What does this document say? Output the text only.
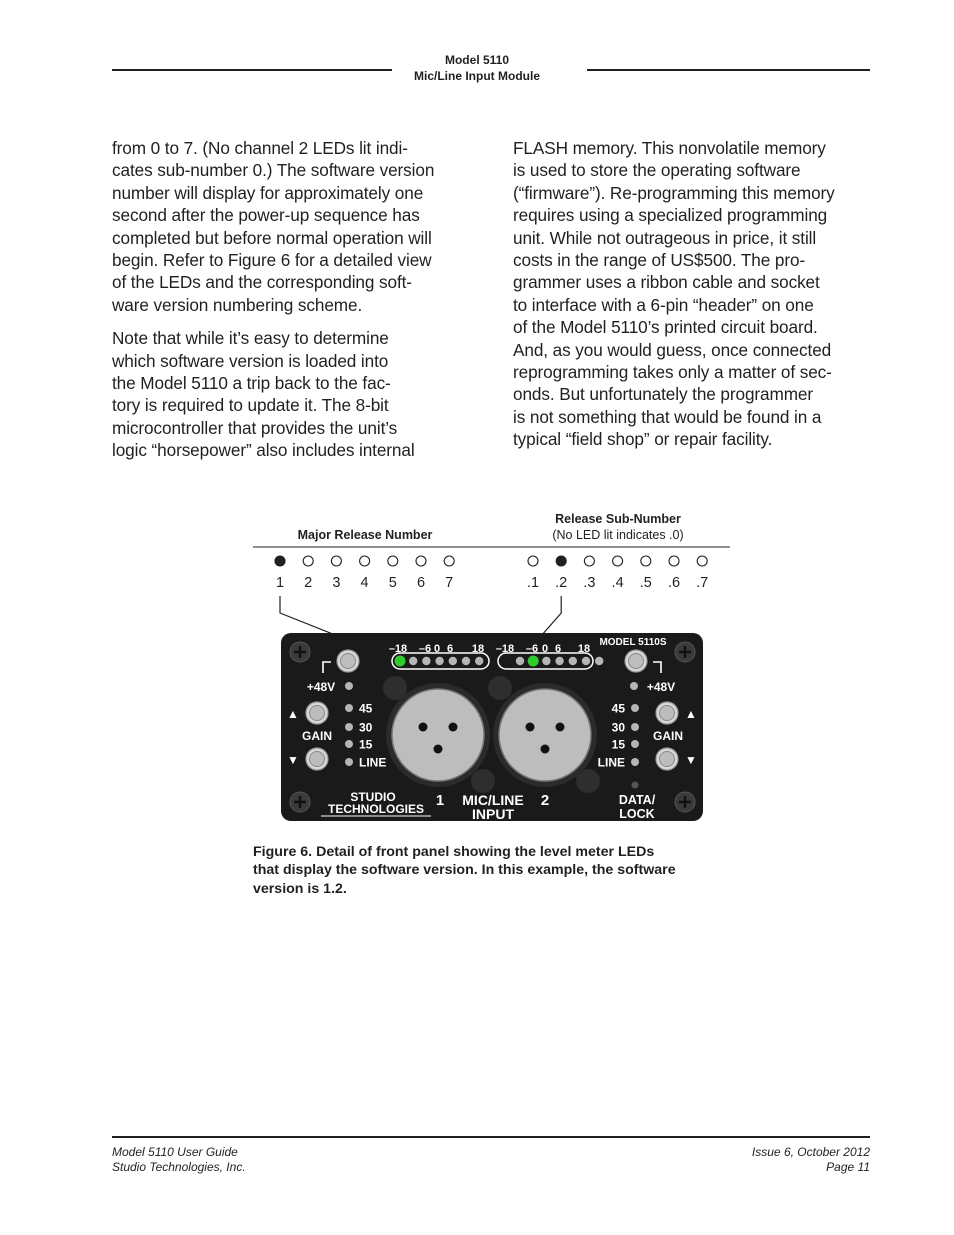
Model 5110
Mic/Line Input Module

from 0 to 7. (No channel 2 LEDs lit indi-
cates sub-number 0.) The software version
number will display for approximately one
second after the power-up sequence has
completed but before normal operation will
begin. Refer to Figure 6 for a detailed view
of the LEDs and the corresponding soft-
ware version numbering scheme.

Note that while it’s easy to determine
which software version is loaded into
the Model 5110 a trip back to the fac-
tory is required to update it. The 8-bit
microcontroller that provides the unit’s
logic “horsepower” also includes internal

FLASH memory. This nonvolatile memory
is used to store the operating software
(“firmware”). Re-programming this memory
requires using a specialized programming
unit. While not outrageous in price, it still
costs in the range of US$500. The pro-
grammer uses a ribbon cable and socket
to interface with a 6-pin “header” on one
of the Model 5110’s printed circuit board.
And, as you would guess, once connected
reprogramming takes only a matter of sec-
onds. But unfortunately the programmer
is not something that would be found in a
typical “field shop” or repair facility.

Major Release Number
Release Sub-Number
(No LED lit indicates .0)
1 2 3 4 5 6 7	.1 .2 .3 .4 .5 .6 .7
–18 –6 0 6 18 –18 –6 0 6 18
MODEL 5110S
+48V	+48V
▲
▼
▲
▼
GAIN	GAIN
45	45
30	30
15	15
LINE	LINE
STUDIO
TECHNOLOGIES 1	2
MIC/LINE
INPUT
DATA/
LOCK
Figure 6. Detail of front panel showing the level meter LEDs
that display the software version. In this example, the software
version is 1.2.
Model 5110 User Guide
Studio Technologies, Inc.
Issue 6, October 2012
Page 11
